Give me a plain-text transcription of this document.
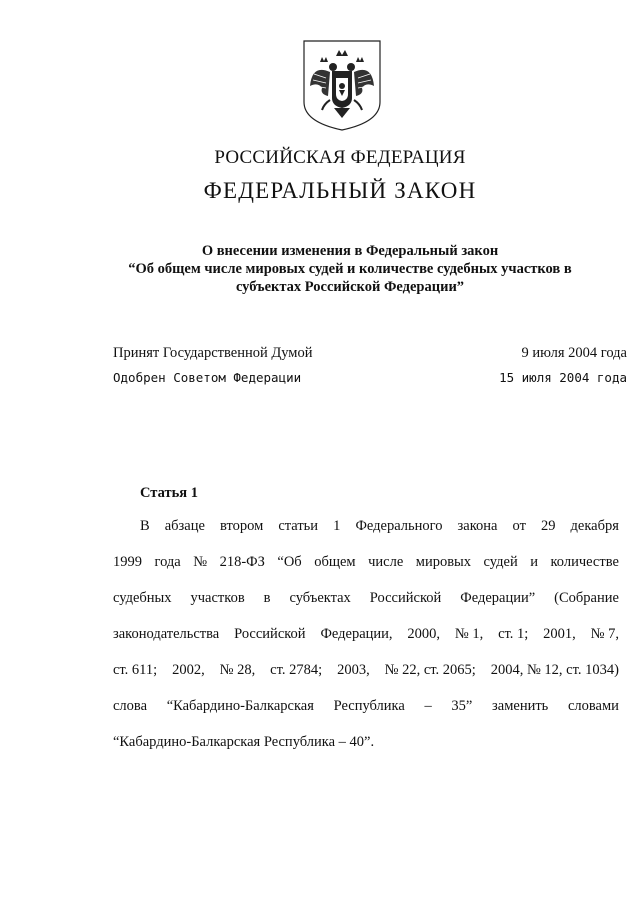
РОССИЙСКАЯ ФЕДЕРАЦИЯ
ФЕДЕРАЛЬНЫЙ ЗАКОН
О внесении изменения в Федеральный закон
“Об общем числе мировых судей и количестве судебных участков в
субъектах Российской Федерации”
Принят Государственной Думой	9 июля 2004 года
Одобрен Советом Федерации	15 июля 2004 года
Статья 1
В абзаце втором статьи 1 Федерального закона от 29 декабря
1999 года № 218-ФЗ “Об общем числе мировых судей и количестве
судебных участков в субъектах Российской Федерации” (Собрание
законодательства Российской Федерации, 2000, № 1, ст. 1; 2001, № 7,
ст. 611; 2002, № 28, ст. 2784; 2003, № 22, ст. 2065; 2004, № 12, ст. 1034)
слова “Кабардино-Балкарская Республика – 35” заменить словами
“Кабардино-Балкарская Республика – 40”.
